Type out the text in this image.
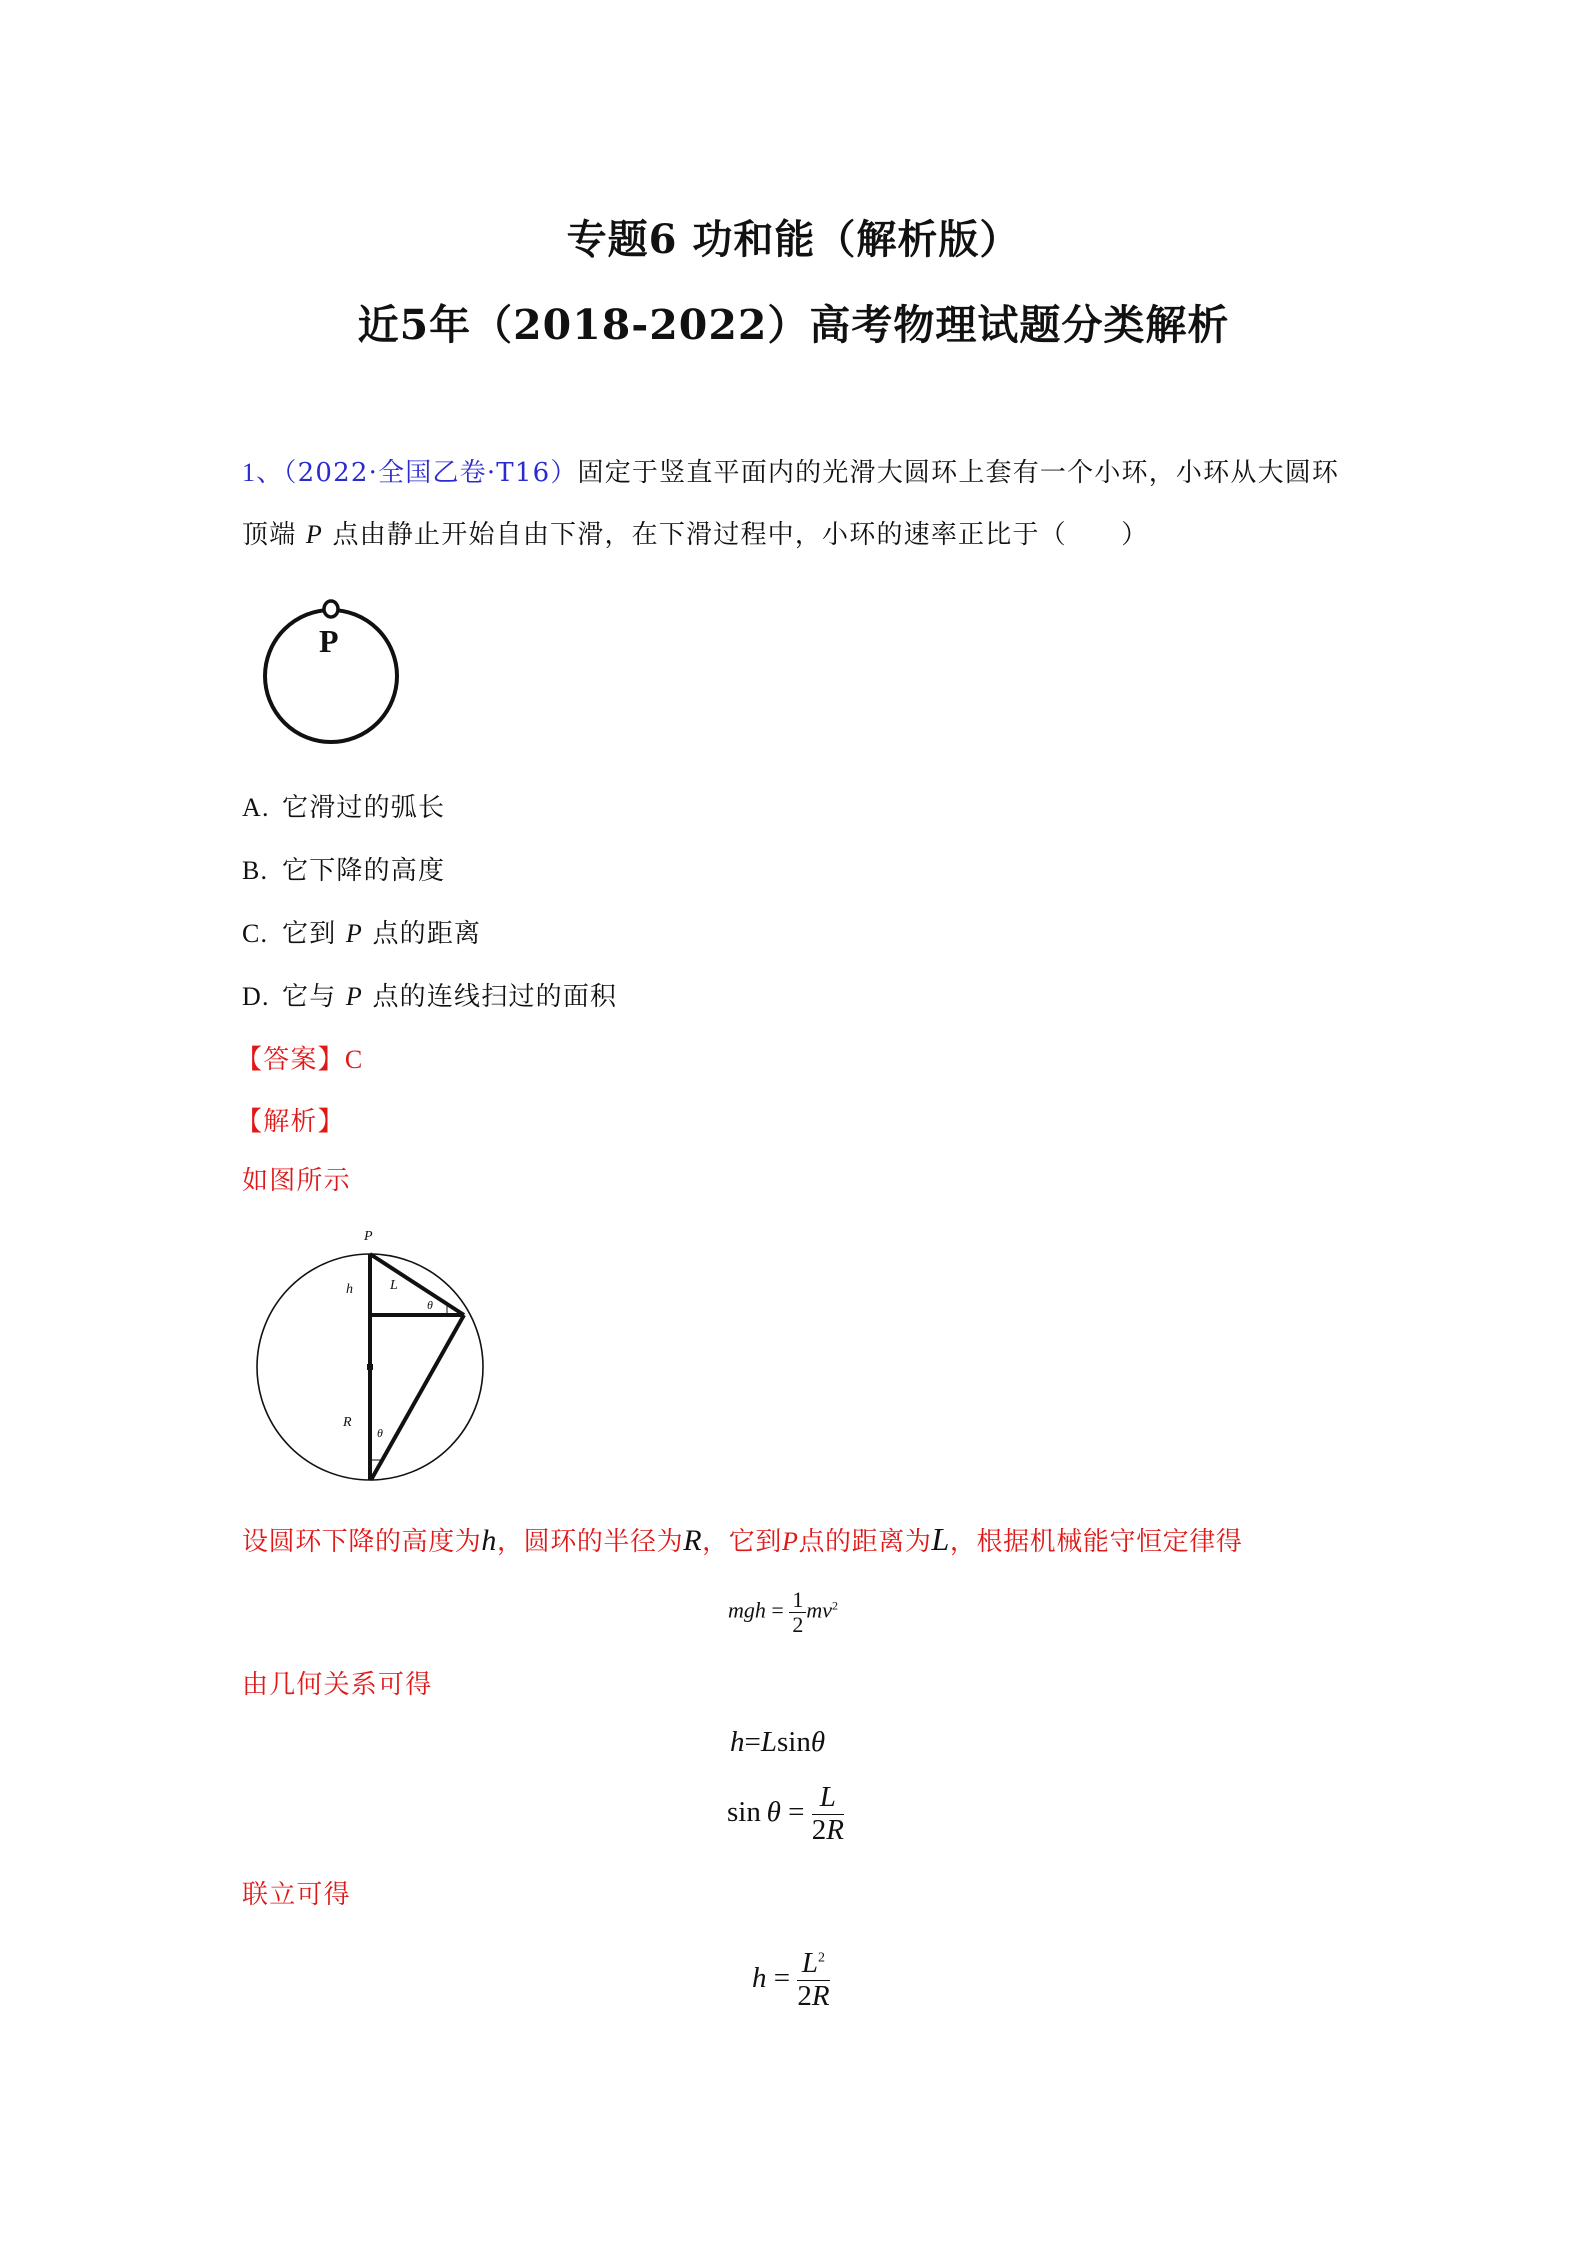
专题6 功和能（解析版）
近5年（2018-2022）高考物理试题分类解析
1、（2022·全国乙卷·T16）固定于竖直平面内的光滑大圆环上套有一个小环，小环从大圆环
顶端 P 点由静止开始自由下滑，在下滑过程中，小环的速率正比于（　　）
P
A. 它滑过的弧长
B. 它下降的高度
C. 它到 P 点的距离
D. 它与 P 点的连线扫过的面积
【答案】C
【解析】
如图所示
P
h	L
θ
R
θ
设圆环下降的高度为h，圆环的半径为R，它到P点的距离为L，根据机械能守恒定律得
mgh = $\frac{1}{2} mv^2$
由几何关系可得
h=Lsinθ
$\sin \theta = \frac{L}{2R}$
联立可得
$h = \frac{L^2}{2R}$
